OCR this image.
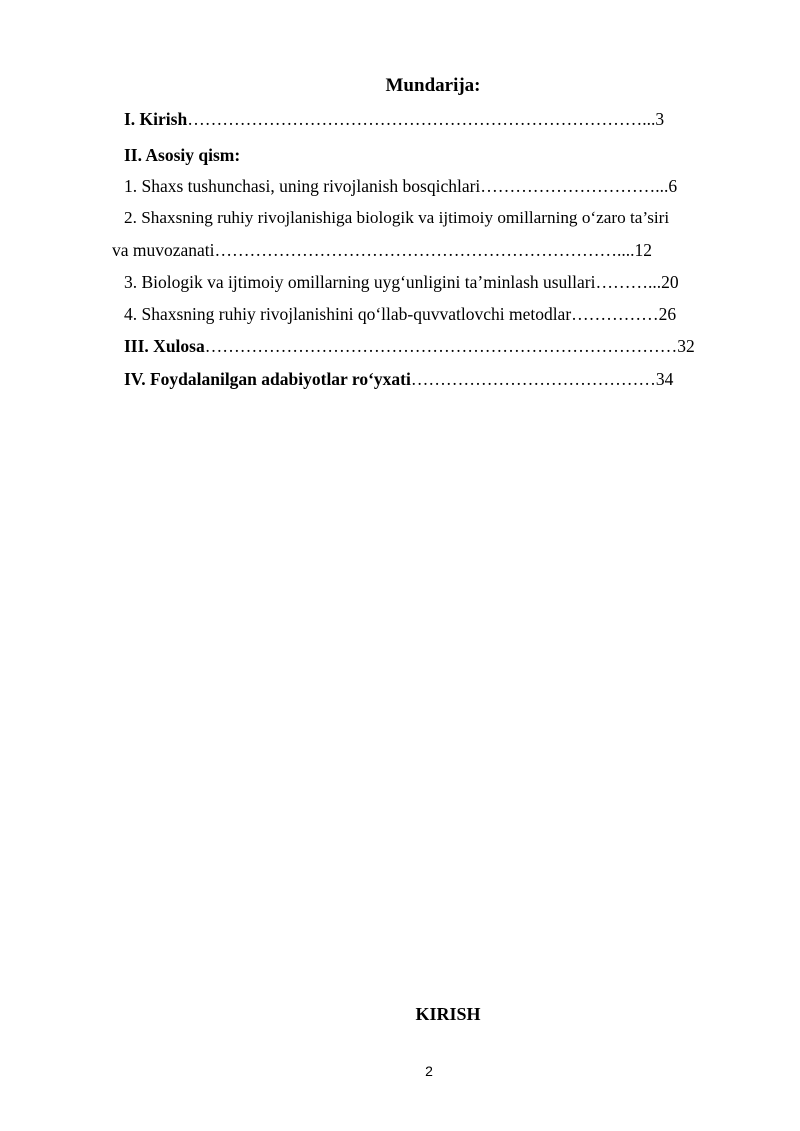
Mundarija:
I. Kirish……………………………………………………………………...3
II. Asosiy qism:
1. Shaxs tushunchasi, uning rivojlanish bosqichlari…………………………...6
2. Shaxsning ruhiy rivojlanishiga biologik va ijtimoiy omillarning o‘zaro ta’siri
va muvozanati……………………………………………………………....12
3. Biologik va ijtimoiy omillarning uyg‘unligini ta’minlash usullari………...20
4. Shaxsning ruhiy rivojlanishini qo‘llab-quvvatlovchi metodlar……………26
III. Xulosa………………………………………………………………………32
IV. Foydalanilgan adabiyotlar ro‘yxati……………………………………34
KIRISH
2
